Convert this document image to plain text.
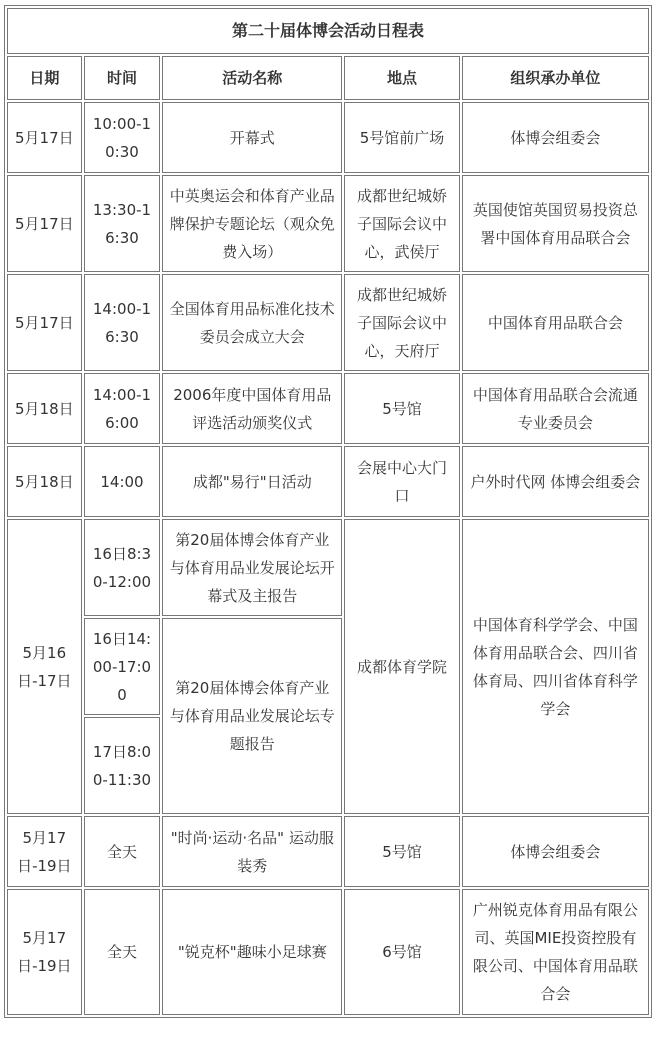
第二十届体博会活动日程表				
日期	时间	活动名称	地点	组织承办单位
5月17日	10:00-10:30	开幕式	5号馆前广场	体博会组委会
5月17日	13:30-16:30	中英奥运会和体育产业品牌保护专题论坛（观众免费入场）	成都世纪城娇子国际会议中心，武侯厅	英国使馆英国贸易投资总署中国体育用品联合会
5月17日	14:00-16:30	全国体育用品标准化技术委员会成立大会	成都世纪城娇子国际会议中心，天府厅	中国体育用品联合会
5月18日	14:00-16:00	2006年度中国体育用品评选活动颁奖仪式	5号馆	中国体育用品联合会流通专业委员会
5月18日	14:00	成都"易行"日活动	会展中心大门口	户外时代网 体博会组委会
5月16日-17日	16日8:30-12:00	第20届体博会体育产业与体育用品业发展论坛开幕式及主报告	成都体育学院	中国体育科学学会、中国体育用品联合会、四川省体育局、四川省体育科学学会
	16日14:00-17:00	第20届体博会体育产业与体育用品业发展论坛专题报告		
	17日8:00-11:30			
5月17日-19日	全天	"时尚·运动·名品" 运动服装秀	5号馆	体博会组委会
5月17日-19日	全天	"锐克杯"趣味小足球赛	6号馆	广州锐克体育用品有限公司、英国MIE投资控股有限公司、中国体育用品联合会
